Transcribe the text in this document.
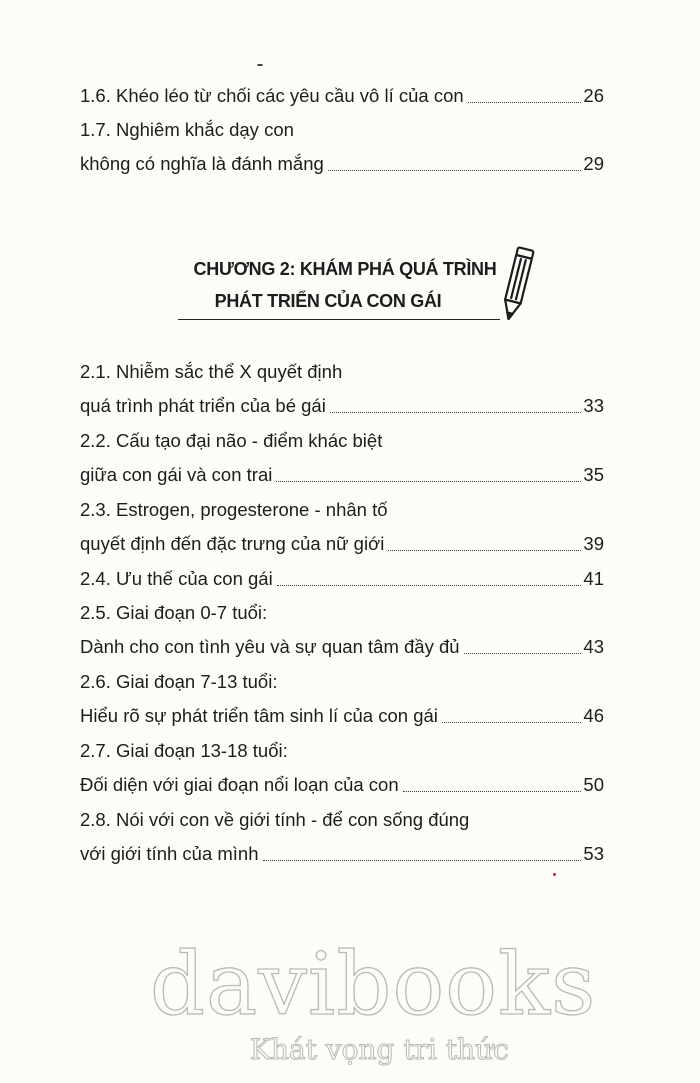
1.6. Khéo léo từ chối các yêu cầu vô lí của con	26
1.7. Nghiêm khắc dạy con
không có nghĩa là đánh mắng	29
CHƯƠNG 2: KHÁM PHÁ QUÁ TRÌNH
PHÁT TRIỂN CỦA CON GÁI
2.1. Nhiễm sắc thể X quyết định
quá trình phát triển của bé gái	33
2.2. Cấu tạo đại não - điểm khác biệt
giữa con gái và con trai	35
2.3. Estrogen, progesterone - nhân tố
quyết định đến đặc trưng của nữ giới	39
2.4. Ưu thế của con gái	41
2.5. Giai đoạn 0-7 tuổi:
Dành cho con tình yêu và sự quan tâm đầy đủ	43
2.6. Giai đoạn 7-13 tuổi:
Hiểu rõ sự phát triển tâm sinh lí của con gái	46
2.7. Giai đoạn 13-18 tuổi:
Đối diện với giai đoạn nổi loạn của con	50
2.8. Nói với con về giới tính - để con sống đúng
với giới tính của mình	53
davibooks
Khát vọng tri thức
